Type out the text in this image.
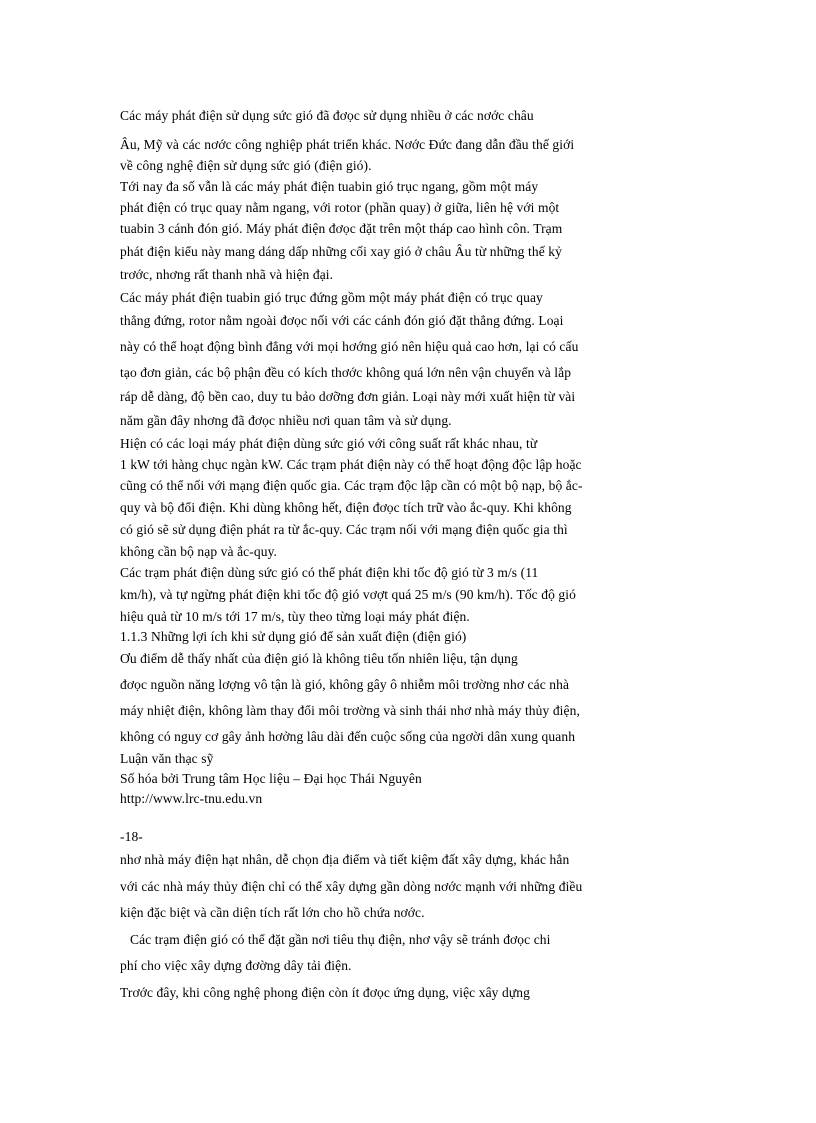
Các máy phát điện sử dụng sức gió đã đơọc sử dụng nhiều ở các nơớc châu
Âu, Mỹ và các nơớc công nghiệp phát triển khác. Nơớc Đức đang dẫn đầu thế giới
về công nghệ điện sử dụng sức gió (điện gió).
Tới nay đa số vẫn là các máy phát điện tuabin gió trục ngang, gồm một máy
phát điện có trục quay nằm ngang, với rotor (phần quay) ở giữa, liên hệ với một
tuabin 3 cánh đón gió. Máy phát điện đơọc đặt trên một tháp cao hình côn. Trạm
phát điện kiểu này mang dáng dấp những cối xay gió ở châu Âu từ những thế kỷ
trơớc, nhơng rất thanh nhã và hiện đại.
Các máy phát điện tuabin gió trục đứng gồm một máy phát điện có trục quay
thẳng đứng, rotor nằm ngoài đơọc nối với các cánh đón gió đặt thẳng đứng. Loại
này có thể hoạt động bình đẳng với mọi hơớng gió nên hiệu quả cao hơn, lại có cấu
tạo đơn giản, các bộ phận đều có kích thơớc không quá lớn nên vận chuyển và lắp
ráp dễ dàng, độ bền cao, duy tu bảo dơỡng đơn giản. Loại này mới xuất hiện từ vài
năm gần đây nhơng đã đơọc nhiều nơi quan tâm và sử dụng.
Hiện có các loại máy phát điện dùng sức gió với công suất rất khác nhau, từ
1 kW tới hàng chục ngàn kW. Các trạm phát điện này có thể hoạt động độc lập hoặc
cũng có thể nối với mạng điện quốc gia. Các trạm độc lập cần có một bộ nạp, bộ ắc-
quy và bộ đổi điện. Khi dùng không hết, điện đơọc tích trữ vào ắc-quy. Khi không
có gió sẽ sử dụng điện phát ra từ ắc-quy. Các trạm nối với mạng điện quốc gia thì
không cần bộ nạp và ắc-quy.
Các trạm phát điện dùng sức gió có thể phát điện khi tốc độ gió từ 3 m/s (11
km/h), và tự ngừng phát điện khi tốc độ gió vơợt quá 25 m/s (90 km/h). Tốc độ gió
hiệu quả từ 10 m/s tới 17 m/s, tùy theo từng loại máy phát điện.
1.1.3 Những lợi ích khi sử dụng gió để sản xuất điện (điện gió)
Ơu điểm dễ thấy nhất của điện gió là không tiêu tốn nhiên liệu, tận dụng
đơọc nguồn năng lơợng vô tận là gió, không gây ô nhiễm môi trơờng nhơ các nhà
máy nhiệt điện, không làm thay đổi môi trơờng và sinh thái nhơ nhà máy thủy điện,
không có nguy cơ gây ảnh hơởng lâu dài đến cuộc sống của ngơời dân xung quanh
Luận văn thạc sỹ
Số hóa bởi Trung tâm Học liệu – Đại học Thái Nguyên
http://www.lrc-tnu.edu.vn
-18-
nhơ nhà máy điện hạt nhân, dễ chọn địa điểm và tiết kiệm đất xây dựng, khác hẳn
với các nhà máy thủy điện chỉ có thể xây dựng gần dòng nơớc mạnh với những điều
kiện đặc biệt và cần diện tích rất lớn cho hồ chứa nơớc.
Các trạm điện gió có thể đặt gần nơi tiêu thụ điện, nhơ vậy sẽ tránh đơọc chi
phí cho việc xây dựng đơờng dây tải điện.
Trơớc đây, khi công nghệ phong điện còn ít đơọc ứng dụng, việc xây dựng
